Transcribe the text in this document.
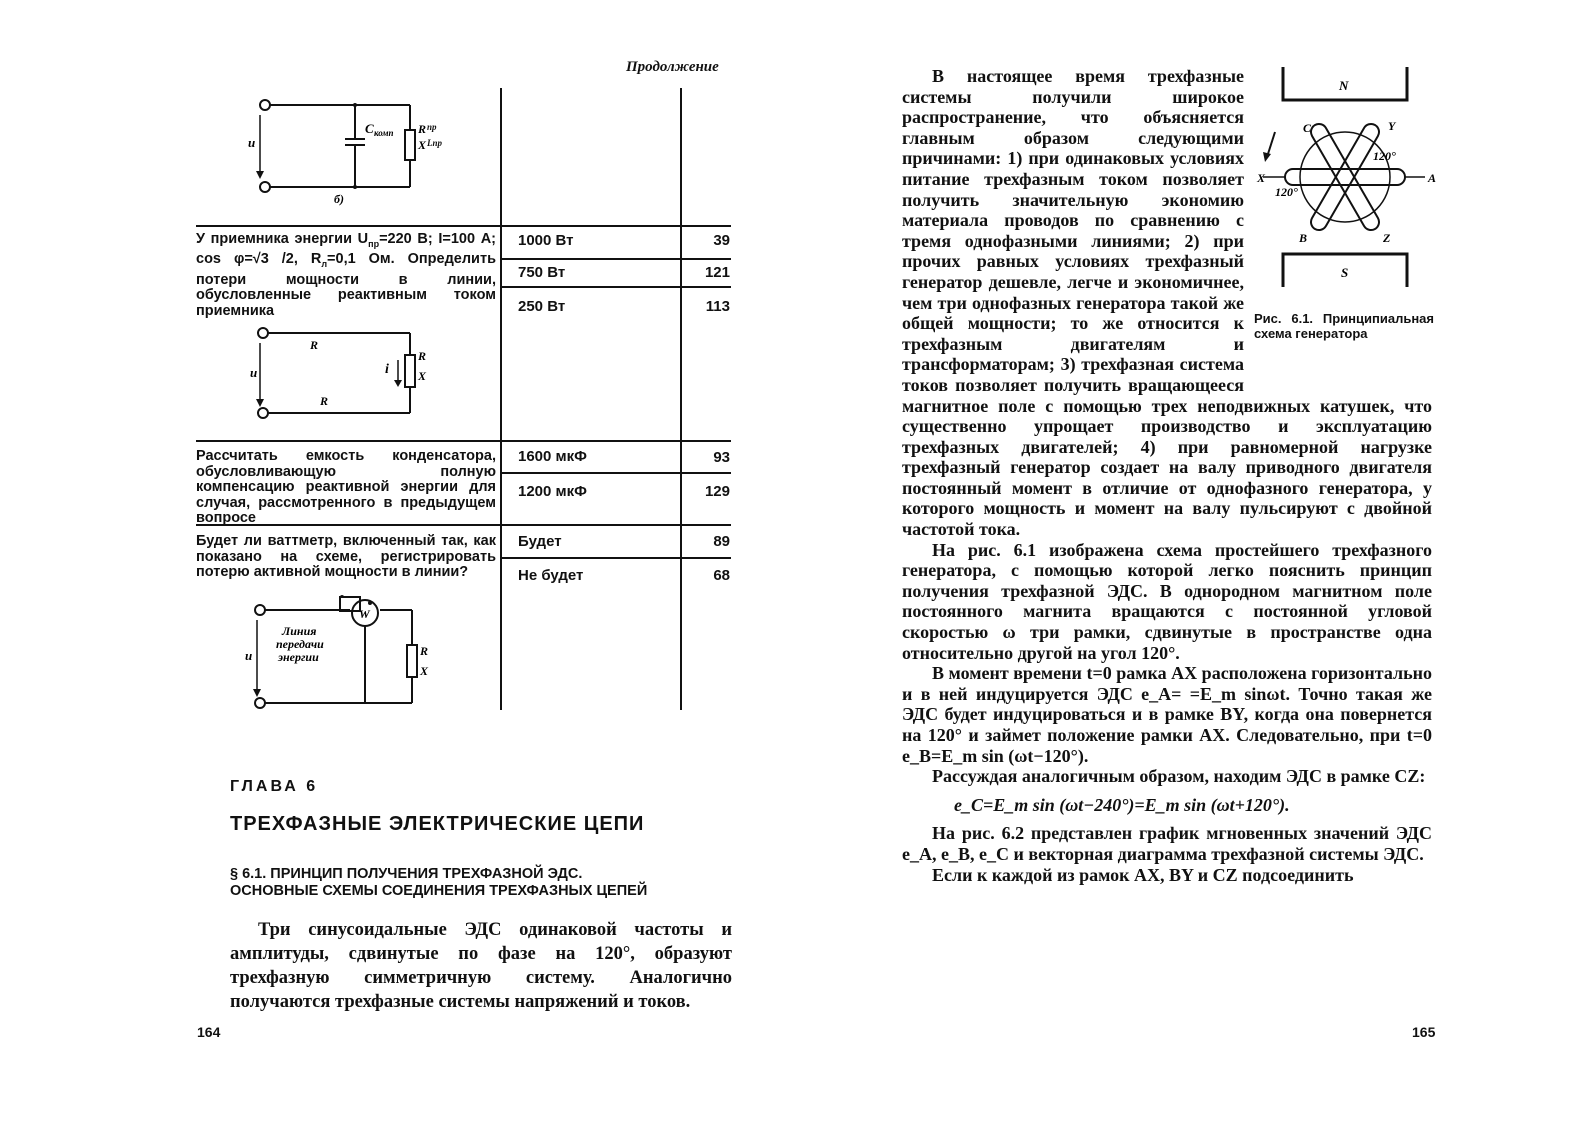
Продолжение
u
C комп R
X
б)
пр
Lпр
У приемника энергии $U_{пр}=220$ В; I=100 А; cos φ=√3 /2, $R_л=0,1$ Ом. Определить потери мощности в линии, обусловленные реактивным током приемника
1000 Вт	39
750 Вт	121
250 Вт	113
R
R
u	i
R
X
Рассчитать емкость конденсатора, обусловливающую полную компенсацию реактивной энергии для случая, рассмотренного в предыдущем вопросе
1600 мкФ	93
1200 мкФ	129
Будет ли ваттметр, включенный так, как показано на схеме, регистрировать потерю активной мощности в линии?
Будет	89
Не будет	68
W
Линия
передачи
энергии
u	R
X
ГЛАВА 6
ТРЕХФАЗНЫЕ ЭЛЕКТРИЧЕСКИЕ ЦЕПИ
§ 6.1. ПРИНЦИП ПОЛУЧЕНИЯ ТРЕХФАЗНОЙ ЭДС.
ОСНОВНЫЕ СХЕМЫ СОЕДИНЕНИЯ ТРЕХФАЗНЫХ ЦЕПЕЙ
Три синусоидальные ЭДС одинаковой частоты и амплитуды, сдвинутые по фазе на 120°, образуют трехфазную симметричную систему. Аналогично получаются трехфазные системы напряжений и токов.
164
N
S
120°
120°
C	Y
X	A
B	Z
Рис. 6.1. Принципиальная схема генератора

В настоящее время трехфазные системы получили широкое распространение, что объясняется главным образом следующими причинами: 1) при одинаковых условиях питание трехфазным током позволяет получить значительную экономию материала проводов по сравнению с тремя однофазными линиями; 2) при прочих равных условиях трехфазный генератор дешевле, легче и экономичнее, чем три однофазных генератора такой же общей мощности; то же относится к трехфазным двигателям и трансформаторам; 3) трехфазная система токов позволяет получить вращающееся магнитное поле с помощью трех неподвижных катушек, что существенно упрощает производство и эксплуатацию трехфазных двигателей; 4) при равномерной нагрузке трехфазный генератор создает на валу приводного двигателя постоянный момент в отличие от однофазного генератора, у которого мощность и момент на валу пульсируют с двойной частотой тока.

На рис. 6.1 изображена схема простейшего трехфазного генератора, с помощью которой легко пояснить принцип получения трехфазной ЭДС. В однородном магнитном поле постоянного магнита вращаются с постоянной угловой скоростью ω три рамки, сдвинутые в пространстве одна относительно другой на угол 120°.

В момент времени t=0 рамка AX расположена горизонтально и в ней индуцируется ЭДС e_A= =E_m sinωt. Точно такая же ЭДС будет индуцироваться и в рамке BY, когда она повернется на 120° и займет положение рамки AX. Следовательно, при t=0 e_B=E_m sin (ωt−120°).

Рассуждая аналогичным образом, находим ЭДС в рамке CZ:

e_C=E_m sin (ωt−240°)=E_m sin (ωt+120°).

На рис. 6.2 представлен график мгновенных значений ЭДС e_A, e_B, e_C и векторная диаграмма трехфазной системы ЭДС.

Если к каждой из рамок AX, BY и CZ подсоединить

165
